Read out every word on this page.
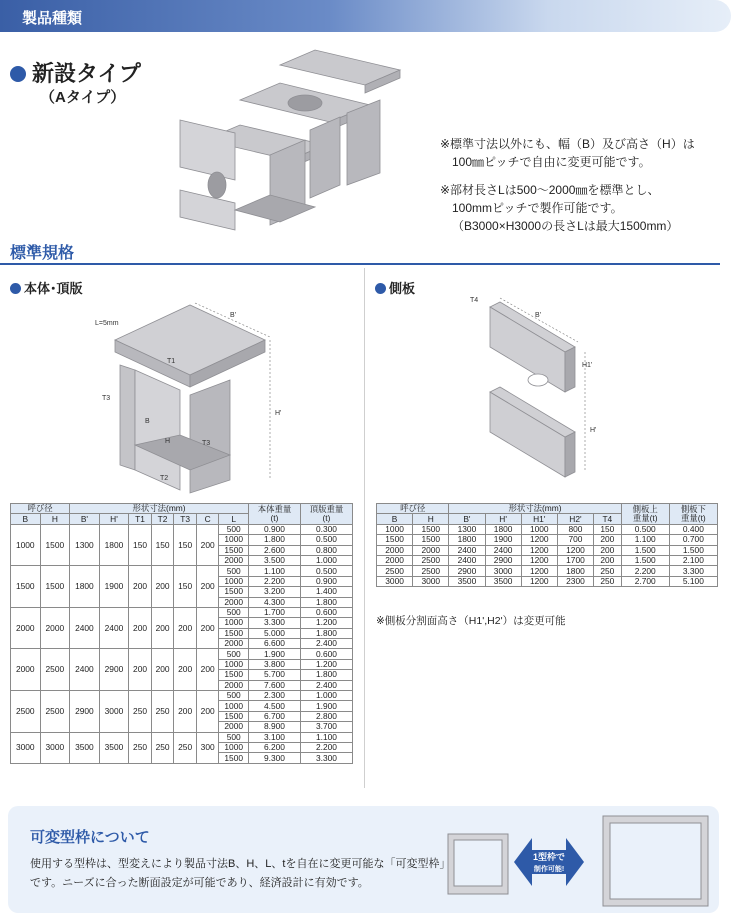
製品種類
新設タイプ
（Aタイプ）

※標準寸法以外にも、幅（B）及び高さ（H）は

100㎜ピッチで自由に変更可能です。

※部材長さLは500～2000㎜を標準とし、

100mmピッチで製作可能です。

（B3000×H3000の長さLは最大1500mm）

標準規格
本体･頂版	側板
L=5mm
B'
H'
T1
T2
T3
T3
B
H
T4
B'
H1'
H'
呼び径		形状寸法(mm)							本体重量
(t)	頂版重量
(t)
B	H	B'	H'	T1	T2	T3	C	L		
1000	1500	1300	1800	150	150	150	200	500	0.900	0.300
								1000	1.800	0.500
								1500	2.600	0.800
								2000	3.500	1.000
1500	1500	1800	1900	200	200	150	200	500	1.100	0.500
								1000	2.200	0.900
								1500	3.200	1.400
								2000	4.300	1.800
2000	2000	2400	2400	200	200	200	200	500	1.700	0.600
								1000	3.300	1.200
								1500	5.000	1.800
								2000	6.600	2.400
2000	2500	2400	2900	200	200	200	200	500	1.900	0.600
								1000	3.800	1.200
								1500	5.700	1.800
								2000	7.600	2.400
2500	2500	2900	3000	250	250	200	200	500	2.300	1.000
								1000	4.500	1.900
								1500	6.700	2.800
								2000	8.900	3.700
3000	3000	3500	3500	250	250	250	300	500	3.100	1.100
								1000	6.200	2.200
								1500	9.300	3.300
呼び径		形状寸法(mm)					側板上
重量(t)	側板下
重量(t)
B	H	B'	H'	H1'	H2'	T4		
1000	1500	1300	1800	1000	800	150	0.500	0.400
1500	1500	1800	1900	1200	700	200	1.100	0.700
2000	2000	2400	2400	1200	1200	200	1.500	1.500
2000	2500	2400	2900	1200	1700	200	1.500	2.100
2500	2500	2900	3000	1200	1800	250	2.200	3.300
3000	3000	3500	3500	1200	2300	250	2.700	5.100
※側板分割面高さ（H1',H2'）は変更可能
可変型枠について
使用する型枠は、型変えにより製品寸法B、H、L、tを自在に変更可能な「可変型枠」です。ニーズに合った断面設定が可能であり、経済設計に有効です。
1型枠で
制作可能!
